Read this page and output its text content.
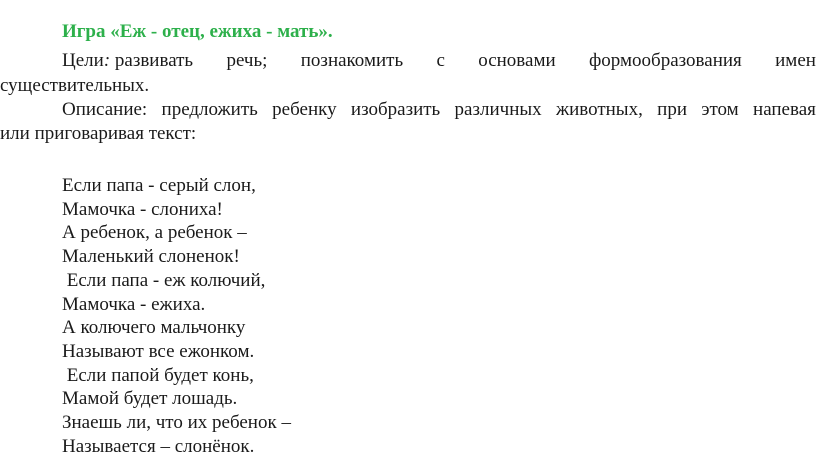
Игра «Еж - отец, ежиха - мать».
Цели: развивать речь; познакомить с основами формообразования имен
существительных.
Описание: предложить ребенку изобразить различных животных, при этом напевая
или приговаривая текст:
Если папа - серый слон,
Мамочка - слониха!
А ребенок, а ребенок –
Маленький слоненок!
Если папа - еж колючий,
Мамочка - ежиха.
А колючего мальчонку
Называют все ежонком.
Если папой будет конь,
Мамой будет лошадь.
Знаешь ли, что их ребенок –
Называется – слонёнок.
